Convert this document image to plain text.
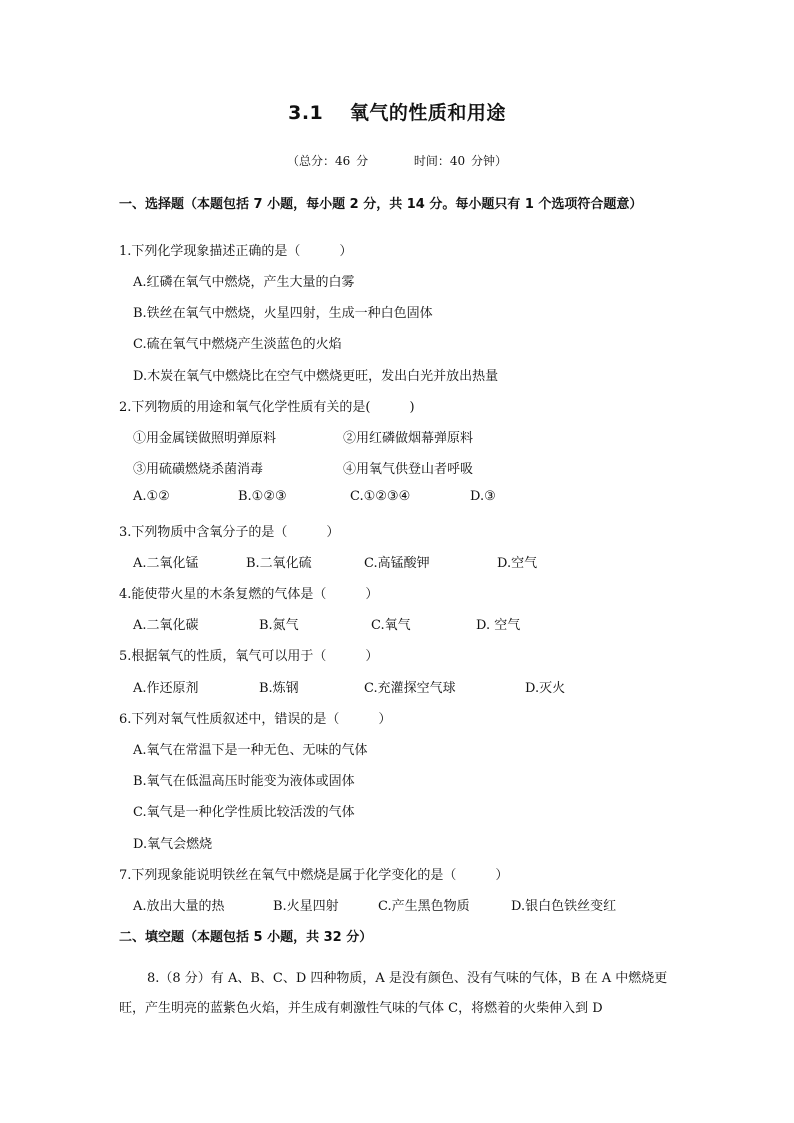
3.1　 氧气的性质和用途
（总分：46 分	时间：40 分钟）
一、选择题（本题包括 7 小题，每小题 2 分，共 14 分。每小题只有 1 个选项符合题意）
1.下列化学现象描述正确的是（　　　）
A.红磷在氧气中燃烧，产生大量的白雾
B.铁丝在氧气中燃烧，火星四射，生成一种白色固体
C.硫在氧气中燃烧产生淡蓝色的火焰
D.木炭在氧气中燃烧比在空气中燃烧更旺，发出白光并放出热量
2.下列物质的用途和氧气化学性质有关的是(　　　)
①用金属镁做照明弹原料	②用红磷做烟幕弹原料
③用硫磺燃烧杀菌消毒	④用氧气供登山者呼吸
A.①②	B.①②③	C.①②③④	D.③
3.下列物质中含氧分子的是（　　　）
A.二氧化锰	B.二氧化硫	C.高锰酸钾	D.空气
4.能使带火星的木条复燃的气体是（　　　）
A.二氧化碳	B.氮气	C.氧气	D. 空气
5.根据氧气的性质，氧气可以用于（　　　）
A.作还原剂	B.炼钢	C.充灌探空气球	D.灭火
6.下列对氧气性质叙述中，错误的是（　　　）
A.氧气在常温下是一种无色、无味的气体
B.氧气在低温高压时能变为液体或固体
C.氧气是一种化学性质比较活泼的气体
D.氧气会燃烧
7.下列现象能说明铁丝在氧气中燃烧是属于化学变化的是（　　　）
A.放出大量的热	B.火星四射	C.产生黑色物质	D.银白色铁丝变红
二、填空题（本题包括 5 小题，共 32 分）
8.（8 分）有 A、B、C、D 四种物质，A 是没有颜色、没有气味的气体，B 在 A 中燃烧更旺，产生明亮的蓝紫色火焰，并生成有刺激性气味的气体 C，将燃着的火柴伸入到 D
